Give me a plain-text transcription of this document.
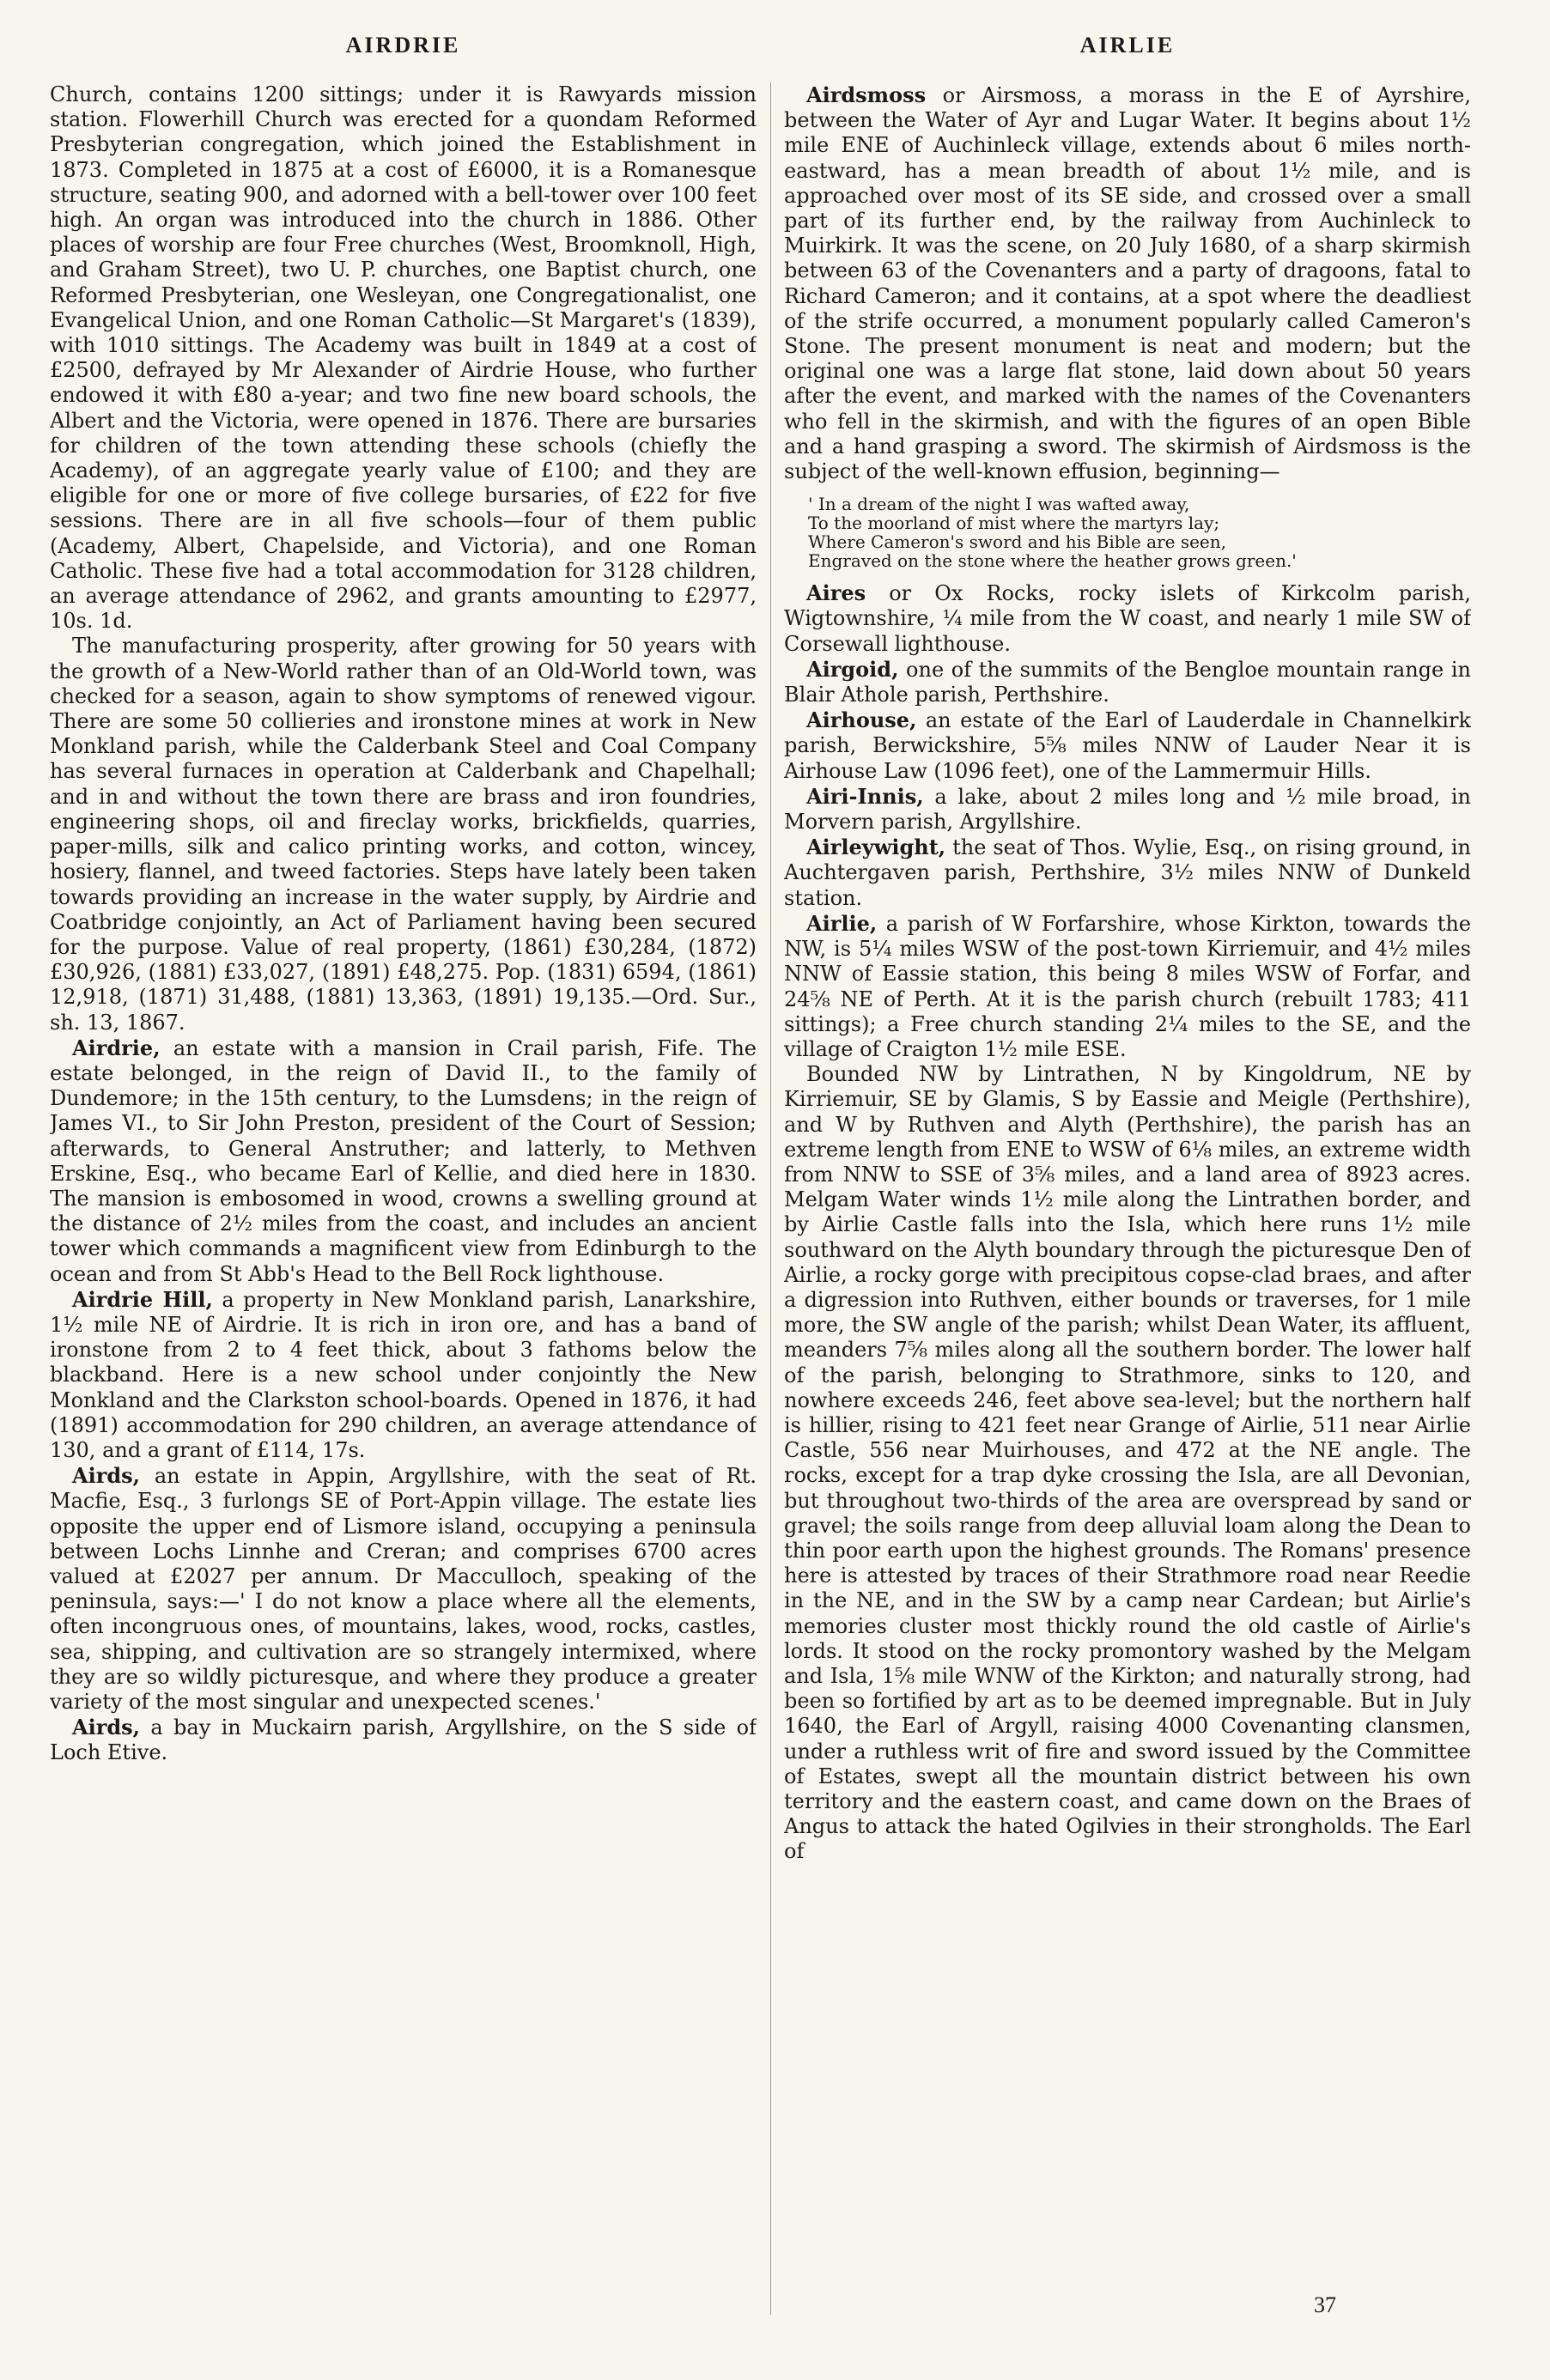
AIRDRIE	AIRLIE

Church, contains 1200 sittings; under it is Rawyards mission station. Flowerhill Church was erected for a quondam Reformed Presbyterian congregation, which joined the Establishment in 1873. Completed in 1875 at a cost of £6000, it is a Romanesque structure, seating 900, and adorned with a bell-tower over 100 feet high. An organ was introduced into the church in 1886. Other places of worship are four Free churches (West, Broomknoll, High, and Graham Street), two U. P. churches, one Baptist church, one Reformed Presbyterian, one Wesleyan, one Congregationalist, one Evangelical Union, and one Roman Catholic—St Margaret's (1839), with 1010 sittings. The Academy was built in 1849 at a cost of £2500, defrayed by Mr Alexander of Airdrie House, who further endowed it with £80 a-year; and two fine new board schools, the Albert and the Victoria, were opened in 1876. There are bursaries for children of the town attending these schools (chiefly the Academy), of an aggregate yearly value of £100; and they are eligible for one or more of five college bursaries, of £22 for five sessions. There are in all five schools—four of them public (Academy, Albert, Chapelside, and Victoria), and one Roman Catholic. These five had a total accommodation for 3128 children, an average attendance of 2962, and grants amounting to £2977, 10s. 1d.

The manufacturing prosperity, after growing for 50 years with the growth of a New-World rather than of an Old-World town, was checked for a season, again to show symptoms of renewed vigour. There are some 50 collieries and ironstone mines at work in New Monkland parish, while the Calderbank Steel and Coal Company has several furnaces in operation at Calderbank and Chapelhall; and in and without the town there are brass and iron foundries, engineering shops, oil and fireclay works, brickfields, quarries, paper-mills, silk and calico printing works, and cotton, wincey, hosiery, flannel, and tweed factories. Steps have lately been taken towards providing an increase in the water supply, by Airdrie and Coatbridge conjointly, an Act of Parliament having been secured for the purpose. Value of real property, (1861) £30,284, (1872) £30,926, (1881) £33,027, (1891) £48,275. Pop. (1831) 6594, (1861) 12,918, (1871) 31,488, (1881) 13,363, (1891) 19,135.—Ord. Sur., sh. 13, 1867.

Airdrie, an estate with a mansion in Crail parish, Fife. The estate belonged, in the reign of David II., to the family of Dundemore; in the 15th century, to the Lumsdens; in the reign of James VI., to Sir John Preston, president of the Court of Session; afterwards, to General Anstruther; and latterly, to Methven Erskine, Esq., who became Earl of Kellie, and died here in 1830. The mansion is embosomed in wood, crowns a swelling ground at the distance of 2½ miles from the coast, and includes an ancient tower which commands a magnificent view from Edinburgh to the ocean and from St Abb's Head to the Bell Rock lighthouse.

Airdrie Hill, a property in New Monkland parish, Lanarkshire, 1½ mile NE of Airdrie. It is rich in iron ore, and has a band of ironstone from 2 to 4 feet thick, about 3 fathoms below the blackband. Here is a new school under conjointly the New Monkland and the Clarkston school-boards. Opened in 1876, it had (1891) accommodation for 290 children, an average attendance of 130, and a grant of £114, 17s.

Airds, an estate in Appin, Argyllshire, with the seat of Rt. Macfie, Esq., 3 furlongs SE of Port-Appin village. The estate lies opposite the upper end of Lismore island, occupying a peninsula between Lochs Linnhe and Creran; and comprises 6700 acres valued at £2027 per annum. Dr Macculloch, speaking of the peninsula, says:—' I do not know a place where all the elements, often incongruous ones, of mountains, lakes, wood, rocks, castles, sea, shipping, and cultivation are so strangely intermixed, where they are so wildly picturesque, and where they produce a greater variety of the most singular and unexpected scenes.'

Airds, a bay in Muckairn parish, Argyllshire, on the S side of Loch Etive.

Airdsmoss or Airsmoss, a morass in the E of Ayrshire, between the Water of Ayr and Lugar Water. It begins about 1½ mile ENE of Auchinleck village, extends about 6 miles north-eastward, has a mean breadth of about 1½ mile, and is approached over most of its SE side, and crossed over a small part of its further end, by the railway from Auchinleck to Muirkirk. It was the scene, on 20 July 1680, of a sharp skirmish between 63 of the Covenanters and a party of dragoons, fatal to Richard Cameron; and it contains, at a spot where the deadliest of the strife occurred, a monument popularly called Cameron's Stone. The present monument is neat and modern; but the original one was a large flat stone, laid down about 50 years after the event, and marked with the names of the Covenanters who fell in the skirmish, and with the figures of an open Bible and a hand grasping a sword. The skirmish of Airdsmoss is the subject of the well-known effusion, beginning—

' In a dream of the night I was wafted away,
To the moorland of mist where the martyrs lay;
Where Cameron's sword and his Bible are seen,
Engraved on the stone where the heather grows green.'

Aires or Ox Rocks, rocky islets of Kirkcolm parish, Wigtownshire, ¼ mile from the W coast, and nearly 1 mile SW of Corsewall lighthouse.

Airgoid, one of the summits of the Bengloe mountain range in Blair Athole parish, Perthshire.

Airhouse, an estate of the Earl of Lauderdale in Channelkirk parish, Berwickshire, 5⅝ miles NNW of Lauder Near it is Airhouse Law (1096 feet), one of the Lammermuir Hills.

Airi-Innis, a lake, about 2 miles long and ½ mile broad, in Morvern parish, Argyllshire.

Airleywight, the seat of Thos. Wylie, Esq., on rising ground, in Auchtergaven parish, Perthshire, 3½ miles NNW of Dunkeld station.

Airlie, a parish of W Forfarshire, whose Kirkton, towards the NW, is 5¼ miles WSW of the post-town Kirriemuir, and 4½ miles NNW of Eassie station, this being 8 miles WSW of Forfar, and 24⅝ NE of Perth. At it is the parish church (rebuilt 1783; 411 sittings); a Free church standing 2¼ miles to the SE, and the village of Craigton 1½ mile ESE.

Bounded NW by Lintrathen, N by Kingoldrum, NE by Kirriemuir, SE by Glamis, S by Eassie and Meigle (Perthshire), and W by Ruthven and Alyth (Perthshire), the parish has an extreme length from ENE to WSW of 6⅛ miles, an extreme width from NNW to SSE of 3⅝ miles, and a land area of 8923 acres. Melgam Water winds 1½ mile along the Lintrathen border, and by Airlie Castle falls into the Isla, which here runs 1½ mile southward on the Alyth boundary through the picturesque Den of Airlie, a rocky gorge with precipitous copse-clad braes, and after a digression into Ruthven, either bounds or traverses, for 1 mile more, the SW angle of the parish; whilst Dean Water, its affluent, meanders 7⅝ miles along all the southern border. The lower half of the parish, belonging to Strathmore, sinks to 120, and nowhere exceeds 246, feet above sea-level; but the northern half is hillier, rising to 421 feet near Grange of Airlie, 511 near Airlie Castle, 556 near Muirhouses, and 472 at the NE angle. The rocks, except for a trap dyke crossing the Isla, are all Devonian, but throughout two-thirds of the area are overspread by sand or gravel; the soils range from deep alluvial loam along the Dean to thin poor earth upon the highest grounds. The Romans' presence here is attested by traces of their Strathmore road near Reedie in the NE, and in the SW by a camp near Cardean; but Airlie's memories cluster most thickly round the old castle of Airlie's lords. It stood on the rocky promontory washed by the Melgam and Isla, 1⅝ mile WNW of the Kirkton; and naturally strong, had been so fortified by art as to be deemed impregnable. But in July 1640, the Earl of Argyll, raising 4000 Covenanting clansmen, under a ruthless writ of fire and sword issued by the Committee of Estates, swept all the mountain district between his own territory and the eastern coast, and came down on the Braes of Angus to attack the hated Ogilvies in their strongholds. The Earl of

37
